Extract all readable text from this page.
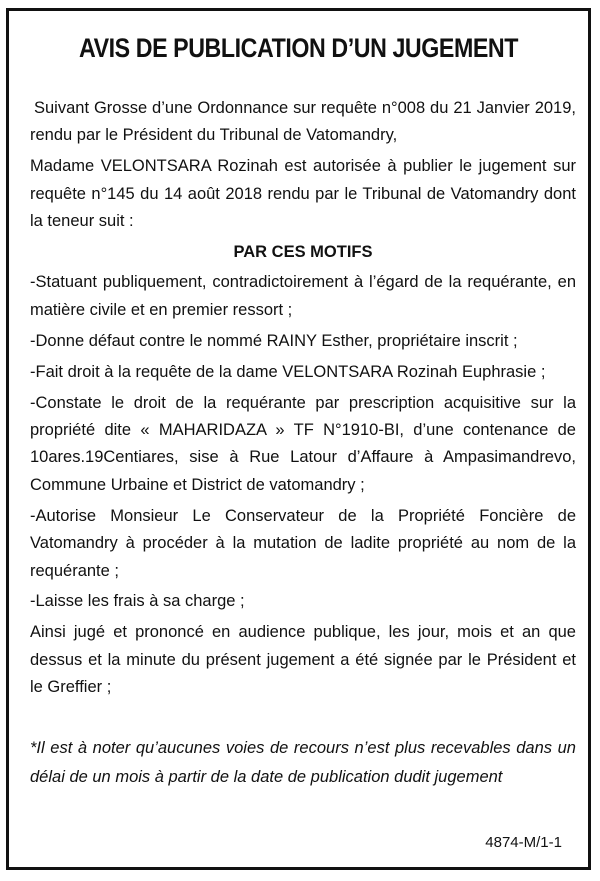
AVIS DE PUBLICATION D’UN JUGEMENT

Suivant Grosse d’une Ordonnance sur requête n°008 du 21 Janvier 2019, rendu par le Président du Tribunal de Vatomandry,

Madame VELONTSARA Rozinah est autorisée à publier le jugement sur requête n°145 du 14 août 2018 rendu par le Tribunal de Vatomandry dont la teneur suit :

PAR CES MOTIFS

-Statuant publiquement, contradictoirement à l’égard de la requérante, en matière civile et en premier ressort ;

-Donne défaut contre le nommé RAINY Esther, propriétaire inscrit ;

-Fait droit à la requête de la dame VELONTSARA Rozinah Euphrasie ;

-Constate le droit de la requérante par prescription acquisitive sur la propriété dite « MAHARIDAZA » TF N°1910-BI, d’une contenance de 10ares.19Centiares, sise à Rue Latour d’Affaure à Ampasimandrevo, Commune Urbaine et District de vatomandry ;

-Autorise Monsieur Le Conservateur de la Propriété Foncière de Vatomandry à procéder à la mutation de ladite propriété au nom de la requérante ;

-Laisse les frais à sa charge ;

Ainsi jugé et prononcé en audience publique, les jour, mois et an que dessus et la minute du présent jugement a été signée par le Président et le Greffier ;

*Il est à noter qu’aucunes voies de recours n’est plus recevables dans un délai de un mois à partir de la date de publication dudit jugement

4874-M/1-1
